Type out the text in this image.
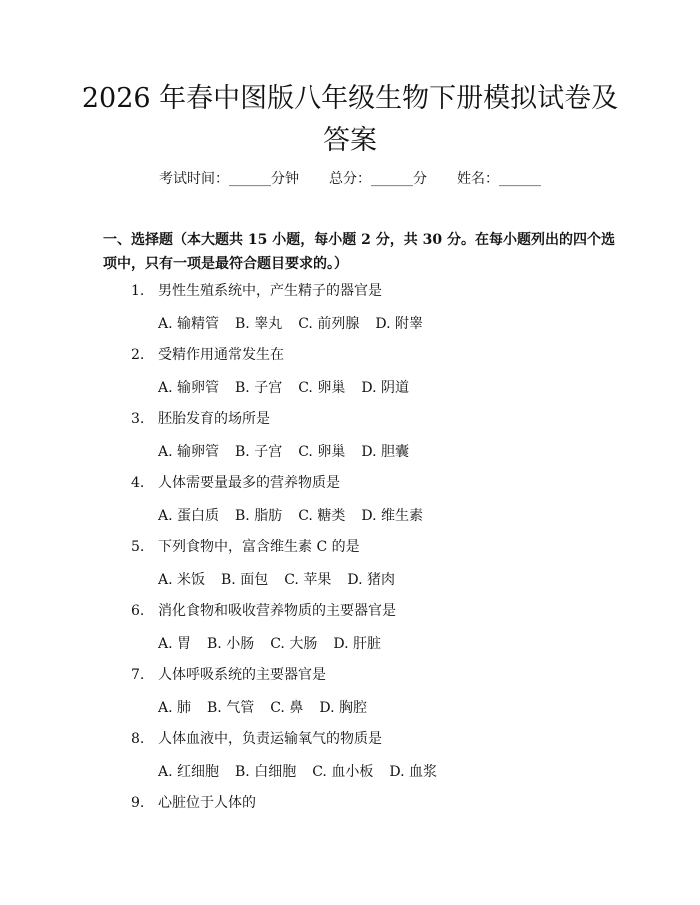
2026 年春中图版八年级生物下册模拟试卷及答案
考试时间：______分钟 总分：______分 姓名：______

一、选择题（本大题共 15 小题，每小题 2 分，共 30 分。在每小题列出的四个选项中，只有一项是最符合题目要求的。）

1. 男性生殖系统中，产生精子的器官是
A. 输精管 B. 睾丸 C. 前列腺 D. 附睾
2. 受精作用通常发生在
A. 输卵管 B. 子宫 C. 卵巢 D. 阴道
3. 胚胎发育的场所是
A. 输卵管 B. 子宫 C. 卵巢 D. 胆囊
4. 人体需要量最多的营养物质是
A. 蛋白质 B. 脂肪 C. 糖类 D. 维生素
5. 下列食物中，富含维生素 C 的是
A. 米饭 B. 面包 C. 苹果 D. 猪肉
6. 消化食物和吸收营养物质的主要器官是
A. 胃 B. 小肠 C. 大肠 D. 肝脏
7. 人体呼吸系统的主要器官是
A. 肺 B. 气管 C. 鼻 D. 胸腔
8. 人体血液中，负责运输氧气的物质是
A. 红细胞 B. 白细胞 C. 血小板 D. 血浆
9. 心脏位于人体的
